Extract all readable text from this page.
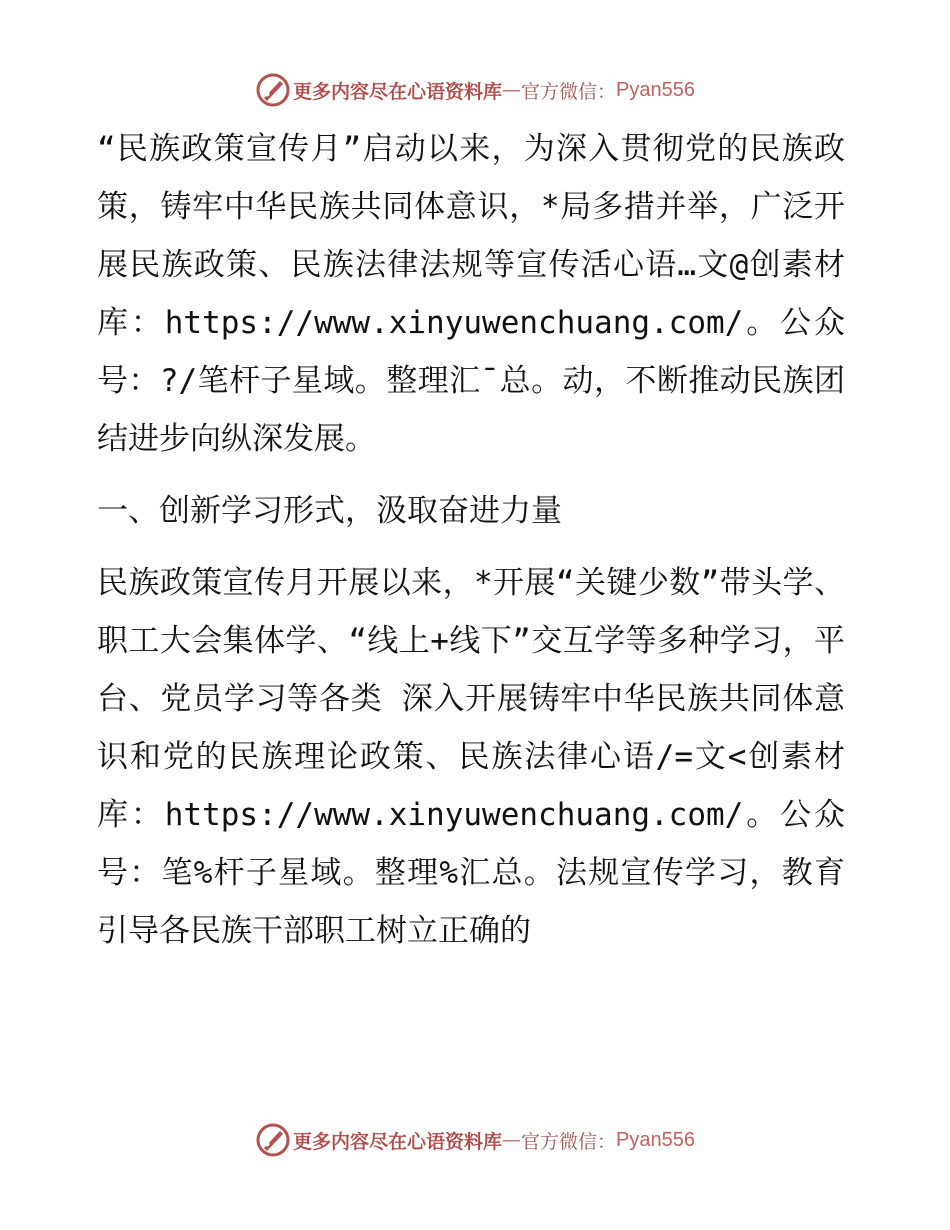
更多内容尽在心语资料库 — 官方微信： Pyan556

“民族政策宣传月”启动以来，为深入贯彻党的民族政策，铸牢中华民族共同体意识，*局多措并举，广泛开展民族政策、民族法律法规等宣传活心语…文@创素材库：https://www.xinyuwenchuang.com/。公众号：?/笔杆子星域。整理汇¯总。动，不断推动民族团结进步向纵深发展。

一、创新学习形式，汲取奋进力量

民族政策宣传月开展以来，*开展“关键少数”带头学、职工大会集体学、“线上+线下”交互学等多种学习，平台、党员学习等各类 深入开展铸牢中华民族共同体意识和党的民族理论政策、民族法律心语/=文<创素材库：https://www.xinyuwenchuang.com/。公众号：笔%杆子星域。整理%汇总。法规宣传学习，教育引导各民族干部职工树立正确的

更多内容尽在心语资料库 — 官方微信： Pyan556
